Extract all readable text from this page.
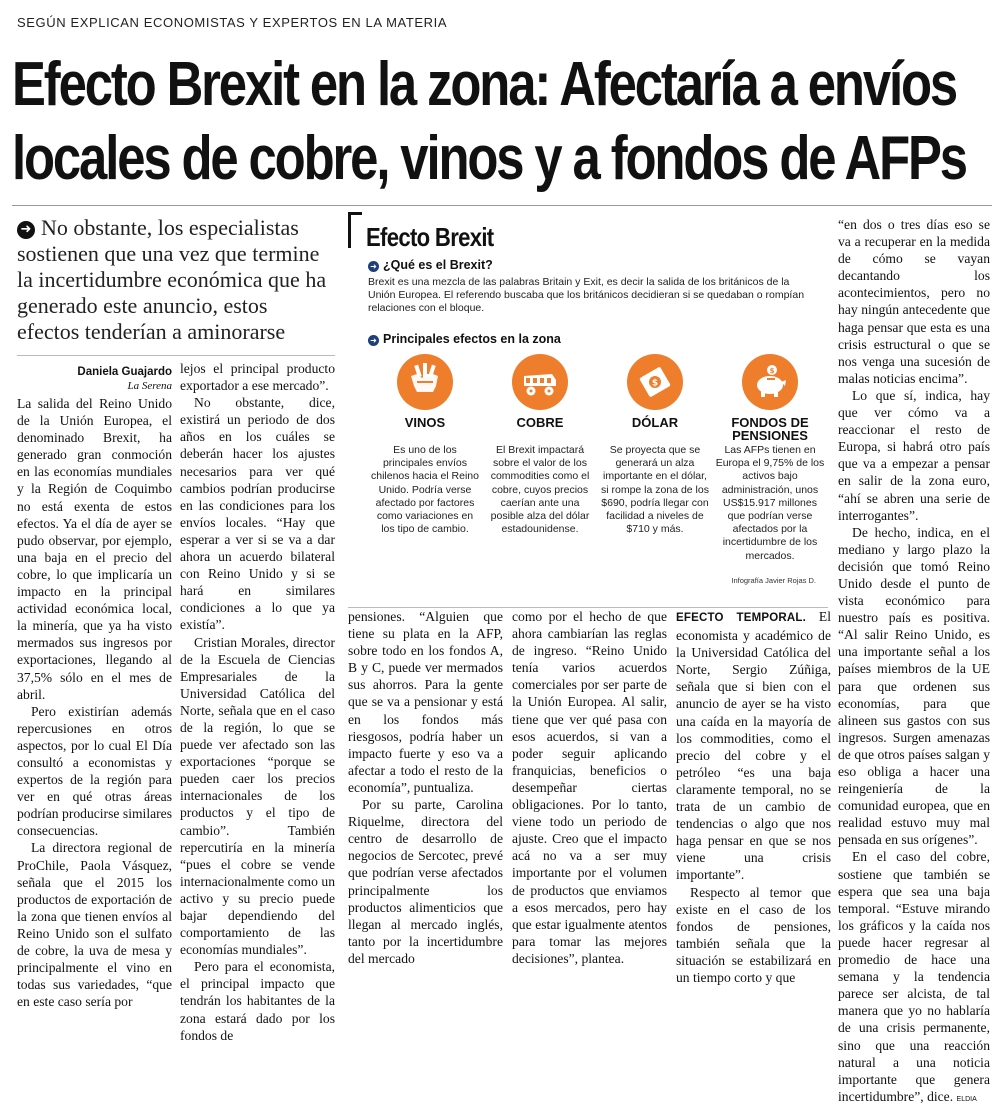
SEGÚN EXPLICAN ECONOMISTAS Y EXPERTOS EN LA MATERIA
Efecto Brexit en la zona: Afectaría a envíos
locales de cobre, vinos y a fondos de AFPs
➜ No obstante, los especialistas sostienen que una vez que termine la incertidumbre económica que ha generado este anuncio, estos efectos tenderían a aminorarse
Daniela Guajardo
La Serena

La salida del Reino Unido de la Unión Europea, el denominado Brexit, ha generado gran conmoción en las economías mundiales y la Región de Coquimbo no está exenta de estos efectos. Ya el día de ayer se pudo observar, por ejemplo, una baja en el precio del cobre, lo que implicaría un impacto en la principal actividad económica local, la minería, que ya ha visto mermados sus ingresos por exportaciones, llegando al 37,5% sólo en el mes de abril.

Pero existirían además repercusiones en otros aspectos, por lo cual El Día consultó a economistas y expertos de la región para ver en qué otras áreas podrían producirse similares consecuencias.

La directora regional de ProChile, Paola Vásquez, señala que el 2015 los productos de exportación de la zona que tienen envíos al Reino Unido son el sulfato de cobre, la uva de mesa y principalmente el vino en todas sus variedades, “que en este caso sería por

lejos el principal producto exportador a ese mercado”.

No obstante, dice, existirá un periodo de dos años en los cuáles se deberán hacer los ajustes necesarios para ver qué cambios podrían producirse en las condiciones para los envíos locales. “Hay que esperar a ver si se va a dar ahora un acuerdo bilateral con Reino Unido y si se hará en similares condiciones a lo que ya existía”.

Cristian Morales, director de la Escuela de Ciencias Empresariales de la Universidad Católica del Norte, señala que en el caso de la región, lo que se puede ver afectado son las exportaciones “porque se pueden caer los precios internacionales de los productos y el tipo de cambio”. También repercutiría en la minería “pues el cobre se vende internacionalmente como un activo y su precio puede bajar dependiendo del comportamiento de las economías mundiales”.

Pero para el economista, el principal impacto que tendrán los habitantes de la zona estará dado por los fondos de

Efecto Brexit
➜ ¿Qué es el Brexit?
Brexit es una mezcla de las palabras Britain y Exit, es decir la salida de los británicos de la Unión Europea. El referendo buscaba que los británicos decidieran si se quedaban o rompían relaciones con el bloque.
➜ Principales efectos en la zona
VINOS
Es uno de los principales envíos chilenos hacia el Reino Unido. Podría verse afectado por factores como variaciones en los tipo de cambio.
COBRE
El Brexit impactará sobre el valor de los commodities como el cobre, cuyos precios caerían ante una posible alza del dólar estadounidense.
$
DÓLAR
Se proyecta que se generará un alza importante en el dólar, si rompe la zona de los $690, podría llegar con facilidad a niveles de $710 y más.
$
FONDOS DE PENSIONES
Las AFPs tienen en Europa el 9,75% de los activos bajo administración, unos US$15.917 millones que podrían verse afectados por la incertidumbre de los mercados.
Infografía Javier Rojas D.

pensiones. “Alguien que tiene su plata en la AFP, sobre todo en los fondos A, B y C, puede ver mermados sus ahorros. Para la gente que se va a pensionar y está en los fondos más riesgosos, podría haber un impacto fuerte y eso va a afectar a todo el resto de la economía”, puntualiza.

Por su parte, Carolina Riquelme, directora del centro de desarrollo de negocios de Sercotec, prevé que podrían verse afectados principalmente los productos alimenticios que llegan al mercado inglés, tanto por la incertidumbre del mercado

como por el hecho de que ahora cambiarían las reglas de ingreso. “Reino Unido tenía varios acuerdos comerciales por ser parte de la Unión Europea. Al salir, tiene que ver qué pasa con esos acuerdos, si van a poder seguir aplicando franquicias, beneficios o desempeñar ciertas obligaciones. Por lo tanto, viene todo un periodo de ajuste. Creo que el impacto acá no va a ser muy importante por el volumen de productos que enviamos a esos mercados, pero hay que estar igualmente atentos para tomar las mejores decisiones”, plantea.

EFECTO TEMPORAL. El economista y académico de la Universidad Católica del Norte, Sergio Zúñiga, señala que si bien con el anuncio de ayer se ha visto una caída en la mayoría de los commodities, como el precio del cobre y el petróleo “es una baja claramente temporal, no se trata de un cambio de tendencias o algo que nos haga pensar en que se nos viene una crisis importante”.

Respecto al temor que existe en el caso de los fondos de pensiones, también señala que la situación se estabilizará en un tiempo corto y que

“en dos o tres días eso se va a recuperar en la medida de cómo se vayan decantando los acontecimientos, pero no hay ningún antecedente que haga pensar que esta es una crisis estructural o que se nos venga una sucesión de malas noticias encima”.

Lo que sí, indica, hay que ver cómo va a reaccionar el resto de Europa, si habrá otro país que va a empezar a pensar en salir de la zona euro, “ahí se abren una serie de interrogantes”.

De hecho, indica, en el mediano y largo plazo la decisión que tomó Reino Unido desde el punto de vista económico para nuestro país es positiva. “Al salir Reino Unido, es una importante señal a los países miembros de la UE para que ordenen sus economías, para que alineen sus gastos con sus ingresos. Surgen amenazas de que otros países salgan y eso obliga a hacer una reingeniería de la comunidad europea, que en realidad estuvo muy mal pensada en sus orígenes”.

En el caso del cobre, sostiene que también se espera que sea una baja temporal. “Estuve mirando los gráficos y la caída nos puede hacer regresar al promedio de hace una semana y la tendencia parece ser alcista, de tal manera que yo no hablaría de una crisis permanente, sino que una reacción natural a una noticia importante que genera incertidumbre”, dice. ELDIA
